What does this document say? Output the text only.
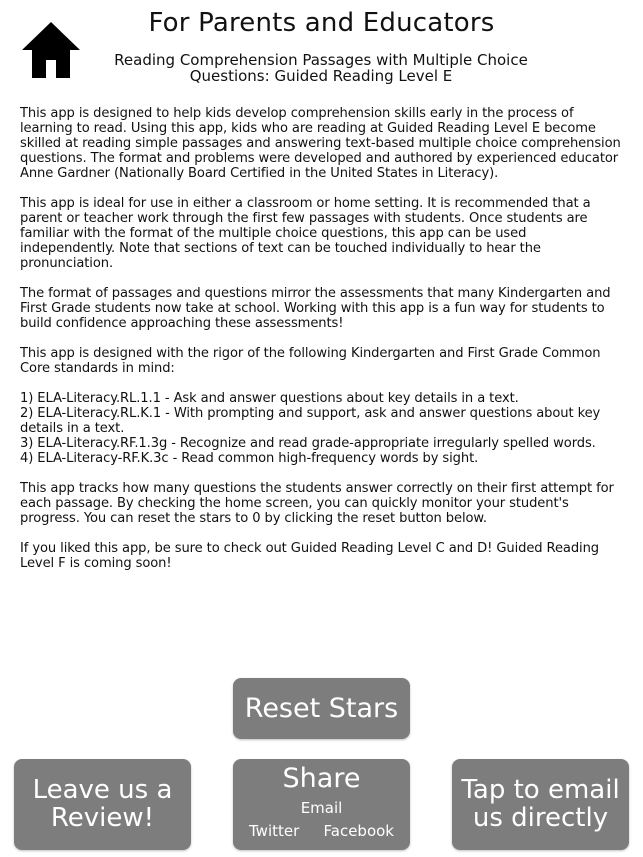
For Parents and Educators
Reading Comprehension Passages with Multiple Choice Questions: Guided Reading Level E

This app is designed to help kids develop comprehension skills early in the process of learning to read. Using this app, kids who are reading at Guided Reading Level E become skilled at reading simple passages and answering text-based multiple choice comprehension questions. The format and problems were developed and authored by experienced educator Anne Gardner (Nationally Board Certified in the United States in Literacy).

This app is ideal for use in either a classroom or home setting. It is recommended that a parent or teacher work through the first few passages with students. Once students are familiar with the format of the multiple choice questions, this app can be used independently. Note that sections of text can be touched individually to hear the pronunciation.

The format of passages and questions mirror the assessments that many Kindergarten and First Grade students now take at school. Working with this app is a fun way for students to build confidence approaching these assessments!

This app is designed with the rigor of the following Kindergarten and First Grade Common Core standards in mind:

1) ELA-Literacy.RL.1.1 - Ask and answer questions about key details in a text.
2) ELA-Literacy.RL.K.1 - With prompting and support, ask and answer questions about key details in a text.
3) ELA-Literacy.RF.1.3g - Recognize and read grade-appropriate irregularly spelled words.
4) ELA-Literacy-RF.K.3c - Read common high-frequency words by sight.

This app tracks how many questions the students answer correctly on their first attempt for each passage. By checking the home screen, you can quickly monitor your student's progress. You can reset the stars to 0 by clicking the reset button below.

If you liked this app, be sure to check out Guided Reading Level C and D! Guided Reading Level F is coming soon!

Reset Stars
Leave us a
Review!
Share
Email
Twitter Facebook
Tap to email
us directly
